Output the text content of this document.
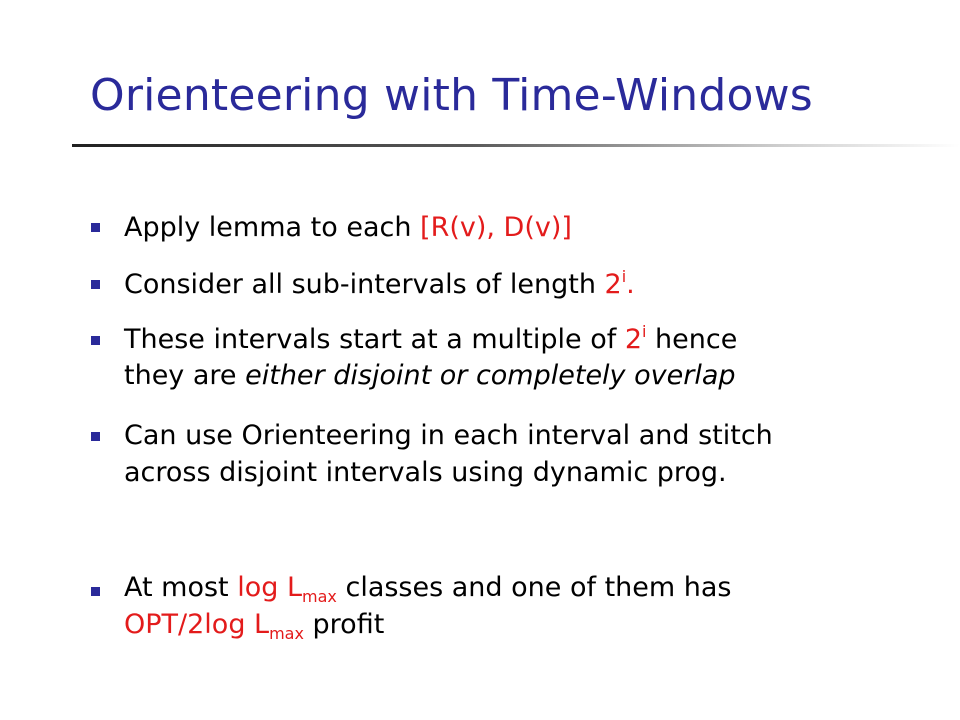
Orienteering with Time-Windows
Apply lemma to each [R(v), D(v)]
Consider all sub-intervals of length 2$^i$.
These intervals start at a multiple of 2$^i$ hence
they are either disjoint or completely overlap
Can use Orienteering in each interval and stitch
across disjoint intervals using dynamic prog.
At most $\log L_{max}$ classes and one of them has
OPT/2log $L_{max}$ profit
